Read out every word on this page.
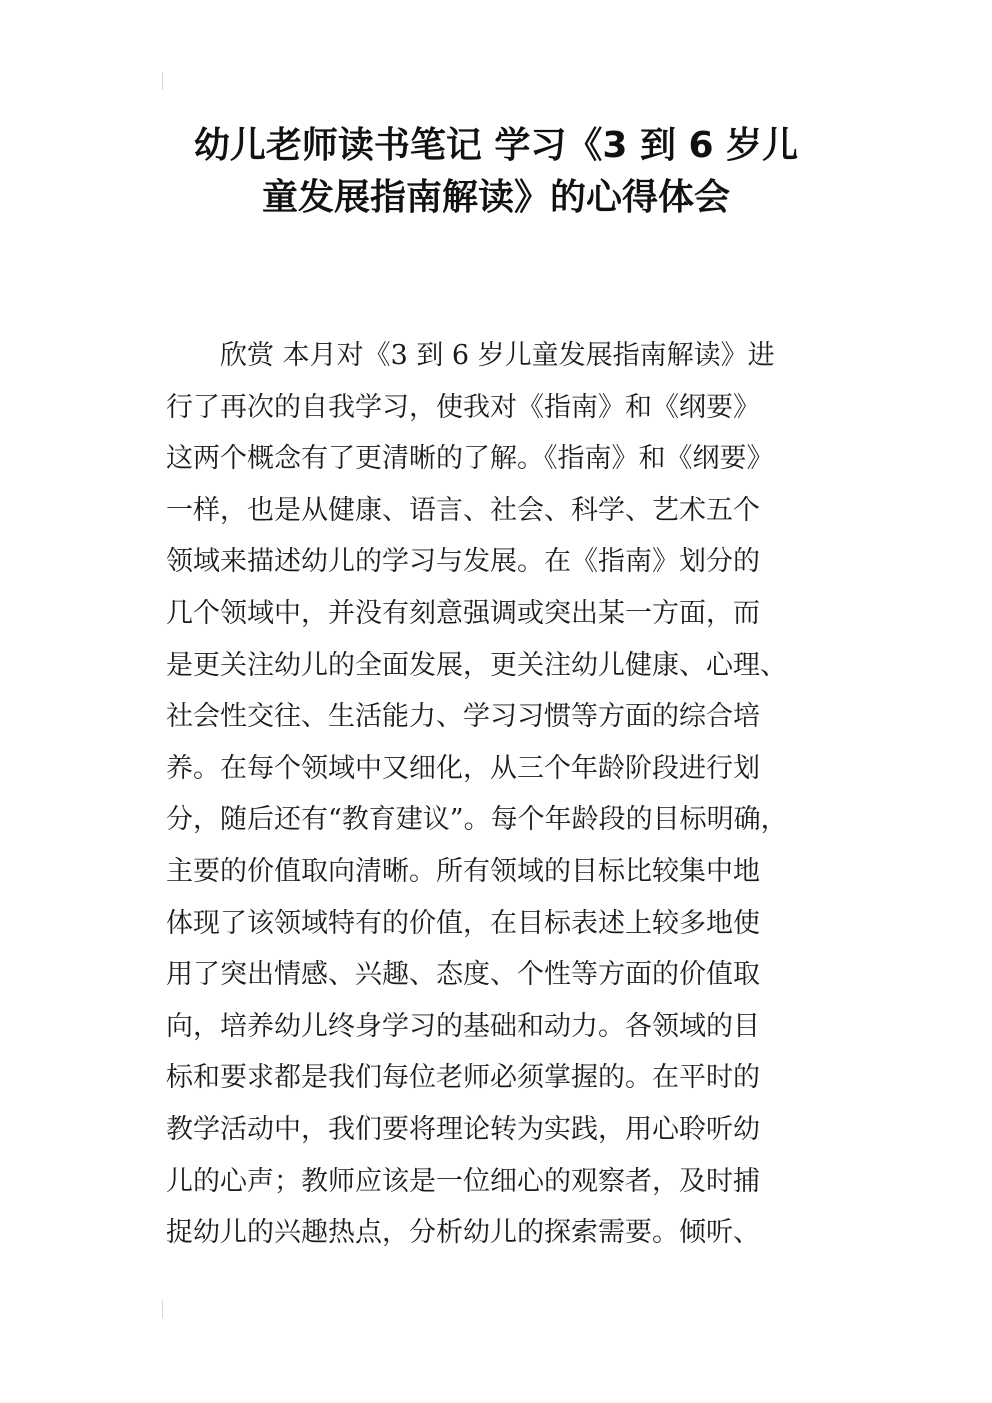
幼儿老师读书笔记 学习《3 到 6 岁儿
童发展指南解读》的心得体会
欣赏 本月对《3 到 6 岁儿童发展指南解读》进
行了再次的自我学习，使我对《指南》和《纲要》
这两个概念有了更清晰的了解。《指南》和《纲要》
一样，也是从健康、语言、社会、科学、艺术五个
领域来描述幼儿的学习与发展。在《指南》划分的
几个领域中，并没有刻意强调或突出某一方面，而
是更关注幼儿的全面发展，更关注幼儿健康、心理、
社会性交往、生活能力、学习习惯等方面的综合培
养。在每个领域中又细化，从三个年龄阶段进行划
分，随后还有“教育建议”。每个年龄段的目标明确，
主要的价值取向清晰。所有领域的目标比较集中地
体现了该领域特有的价值，在目标表述上较多地使
用了突出情感、兴趣、态度、个性等方面的价值取
向，培养幼儿终身学习的基础和动力。各领域的目
标和要求都是我们每位老师必须掌握的。在平时的
教学活动中，我们要将理论转为实践，用心聆听幼
儿的心声；教师应该是一位细心的观察者，及时捕
捉幼儿的兴趣热点，分析幼儿的探索需要。倾听、
